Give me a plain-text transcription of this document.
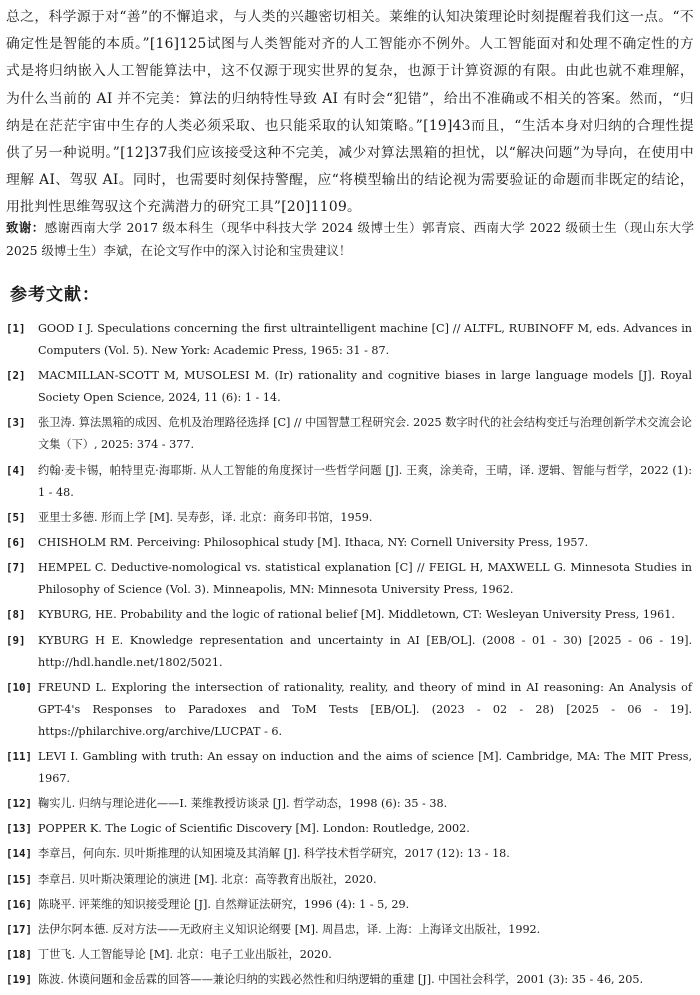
总之，科学源于对“善”的不懈追求，与人类的兴趣密切相关。莱维的认知决策理论时刻提醒着我们这一点。“不确定性是智能的本质。”[16]125试图与人类智能对齐的人工智能亦不例外。人工智能面对和处理不确定性的方式是将归纳嵌入人工智能算法中，这不仅源于现实世界的复杂，也源于计算资源的有限。由此也就不难理解，为什么当前的 AI 并不完美：算法的归纳特性导致 AI 有时会“犯错”，给出不准确或不相关的答案。然而，“归纳是在茫茫宇宙中生存的人类必须采取、也只能采取的认知策略。”[19]43而且，“生活本身对归纳的合理性提供了另一种说明。”[12]37我们应该接受这种不完美，减少对算法黑箱的担忧，以“解决问题”为导向，在使用中理解 AI、驾驭 AI。同时，也需要时刻保持警醒，应“将模型输出的结论视为需要验证的命题而非既定的结论，用批判性思维驾驭这个充满潜力的研究工具”[20]1109。

致谢：感谢西南大学 2017 级本科生（现华中科技大学 2024 级博士生）郭青宸、西南大学 2022 级硕士生（现山东大学 2025 级博士生）李斌，在论文写作中的深入讨论和宝贵建议！
参考文献：
[1]	GOOD I J. Speculations concerning the first ultraintelligent machine [C] // ALTFL, RUBINOFF M, eds. Advances in Computers (Vol. 5). New York: Academic Press, 1965: 31 - 87.
[2]	MACMILLAN-SCOTT M, MUSOLESI M. (Ir) rationality and cognitive biases in large language models [J]. Royal Society Open Science, 2024, 11 (6): 1 - 14.
[3]	张卫涛. 算法黑箱的成因、危机及治理路径选择 [C] // 中国智慧工程研究会. 2025 数字时代的社会结构变迁与治理创新学术交流会论文集（下）, 2025: 374 - 377.
[4]	约翰·麦卡锡，帕特里克·海耶斯. 从人工智能的角度探讨一些哲学问题 [J]. 王爽，涂美奇，王晴，译. 逻辑、智能与哲学，2022 (1): 1 - 48.
[5]	亚里士多德. 形而上学 [M]. 吴寿彭，译. 北京：商务印书馆，1959.
[6]	CHISHOLM RM. Perceiving: Philosophical study [M]. Ithaca, NY: Cornell University Press, 1957.
[7]	HEMPEL C. Deductive-nomological vs. statistical explanation [C] // FEIGL H, MAXWELL G. Minnesota Studies in Philosophy of Science (Vol. 3). Minneapolis, MN: Minnesota University Press, 1962.
[8]	KYBURG, HE. Probability and the logic of rational belief [M]. Middletown, CT: Wesleyan University Press, 1961.
[9]	KYBURG H E. Knowledge representation and uncertainty in AI [EB/OL]. (2008 - 01 - 30) [2025 - 06 - 19]. http://hdl.handle.net/1802/5021.
[10] FREUND L. Exploring the intersection of rationality, reality, and theory of mind in AI reasoning: An Analysis of GPT-4's Responses to Paradoxes and ToM Tests [EB/OL]. (2023 - 02 - 28) [2025 - 06 - 19]. https://philarchive.org/archive/LUCPAT - 6.
[11] LEVI I. Gambling with truth: An essay on induction and the aims of science [M]. Cambridge, MA: The MIT Press, 1967.
[12] 鞠实儿. 归纳与理论进化——I. 莱维教授访谈录 [J]. 哲学动态，1998 (6): 35 - 38.
[13] POPPER K. The Logic of Scientific Discovery [M]. London: Routledge, 2002.
[14] 李章吕，何向东. 贝叶斯推理的认知困境及其消解 [J]. 科学技术哲学研究，2017 (12): 13 - 18.
[15] 李章吕. 贝叶斯决策理论的演进 [M]. 北京：高等教育出版社，2020.
[16] 陈晓平. 评莱维的知识接受理论 [J]. 自然辩证法研究，1996 (4): 1 - 5, 29.
[17] 法伊尔阿本德. 反对方法——无政府主义知识论纲要 [M]. 周昌忠，译. 上海：上海译文出版社，1992.
[18] 丁世飞. 人工智能导论 [M]. 北京：电子工业出版社，2020.
[19] 陈波. 休谟问题和金岳霖的回答——兼论归纳的实践必然性和归纳逻辑的重建 [J]. 中国社会科学，2001 (3): 35 - 46, 205.
